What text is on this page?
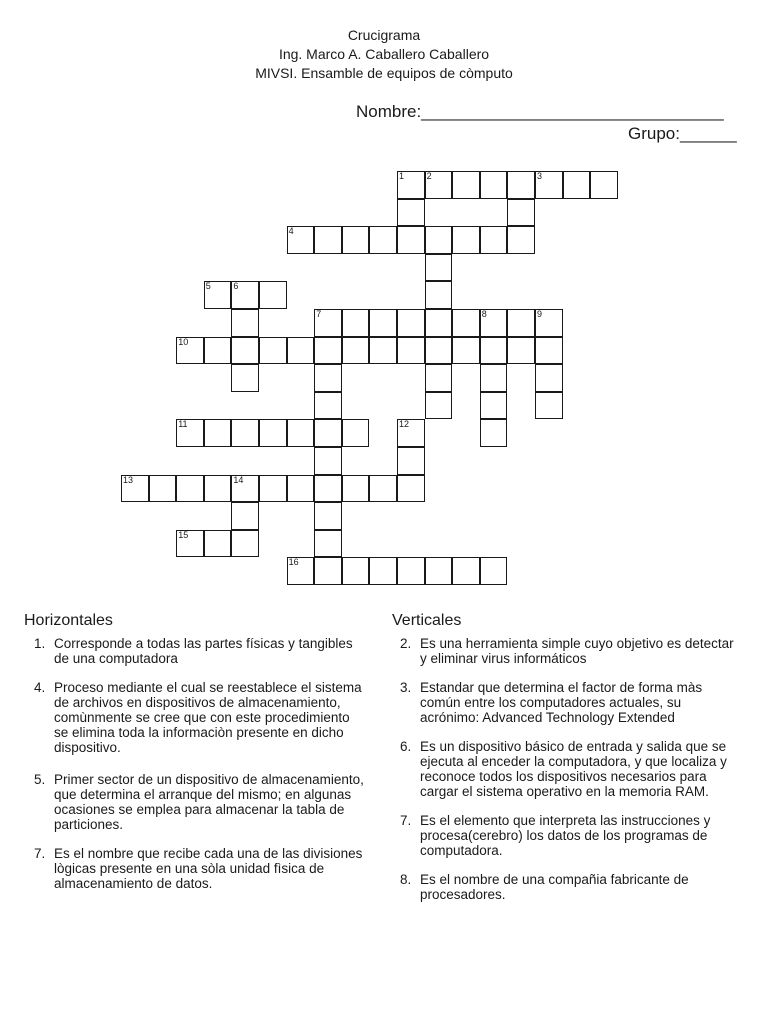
Crucigrama
Ing. Marco A. Caballero Caballero
MIVSI. Ensamble de equipos de còmputo
Nombre:________________________________
Grupo:______
1	2	3
4
5	6
7	8	9
10
11	12
13	14
15
16
Horizontales
1. Corresponde a todas las partes físicas y tangibles de una computadora
4. Proceso mediante el cual se reestablece el sistema de archivos en dispositivos de almacenamiento, comùnmente se cree que con este procedimiento se elimina toda la informaciòn presente en dicho dispositivo.
5. Primer sector de un dispositivo de almacenamiento, que determina el arranque del mismo; en algunas ocasiones se emplea para almacenar la tabla de particiones.
7. Es el nombre que recibe cada una de las divisiones lògicas presente en una sòla unidad fìsica de almacenamiento de datos.
Verticales
2. Es una herramienta simple cuyo objetivo es detectar y eliminar virus informáticos
3. Estandar que determina el factor de forma màs común entre los computadores actuales, su acrónimo: Advanced Technology Extended
6. Es un dispositivo básico de entrada y salida que se ejecuta al enceder la computadora, y que localiza y reconoce todos los dispositivos necesarios para cargar el sistema operativo en la memoria RAM.
7. Es el elemento que interpreta las instrucciones y procesa(cerebro) los datos de los programas de computadora.
8. Es el nombre de una compañia fabricante de procesadores.
